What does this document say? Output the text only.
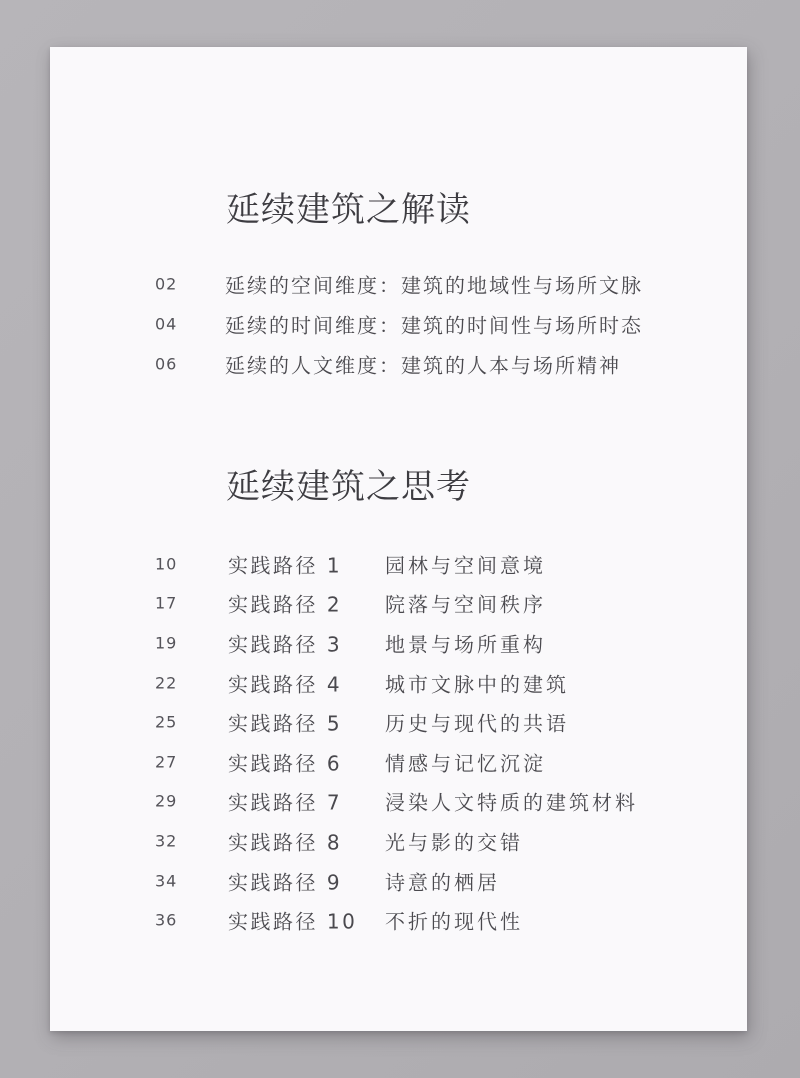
延续建筑之解读
02 延续的空间维度：建筑的地域性与场所文脉
04 延续的时间维度：建筑的时间性与场所时态
06 延续的人文维度：建筑的人本与场所精神
延续建筑之思考
10	实践路径 1 园林与空间意境
17	实践路径 2 院落与空间秩序
19	实践路径 3 地景与场所重构
22	实践路径 4 城市文脉中的建筑
25	实践路径 5 历史与现代的共语
27	实践路径 6 情感与记忆沉淀
29	实践路径 7 浸染人文特质的建筑材料
32	实践路径 8 光与影的交错
34	实践路径 9 诗意的栖居
36	实践路径 10 不折的现代性
